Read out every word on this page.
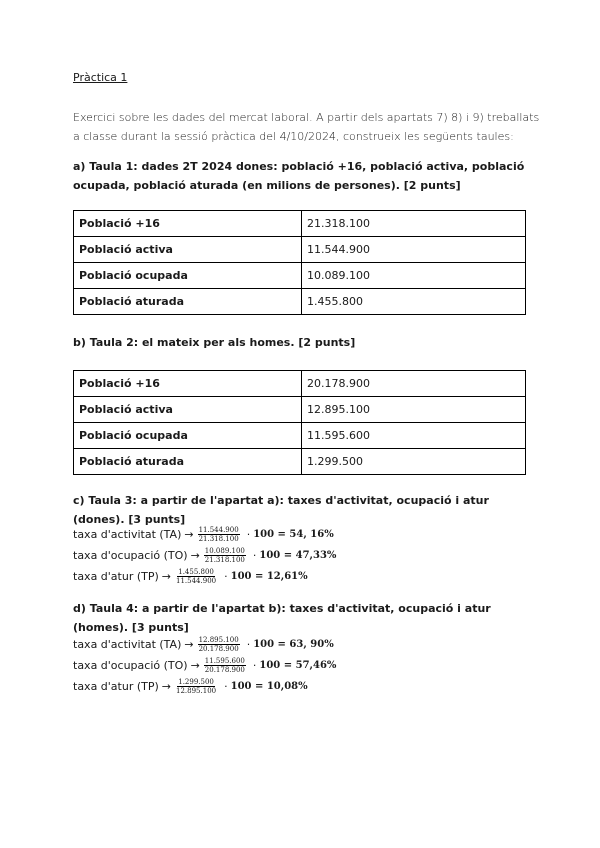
Pràctica 1
Exercici sobre les dades del mercat laboral. A partir dels apartats 7) 8) i 9) treballats a classe durant la sessió pràctica del 4/10/2024, construeix les següents taules:
a) Taula 1: dades 2T 2024 dones: població +16, població activa, població ocupada, població aturada (en milions de persones). [2 punts]
Població +16	21.318.100
Població activa	11.544.900
Població ocupada	10.089.100
Població aturada	1.455.800
b) Taula 2: el mateix per als homes. [2 punts]
Població +16	20.178.900
Població activa	12.895.100
Població ocupada	11.595.600
Població aturada	1.299.500
c) Taula 3: a partir de l'apartat a): taxes d'activitat, ocupació i atur (dones). [3 punts]
taxa d'activitat $(TA) \to \frac{11.544.900}{21.318.100} \cdot 100 = 54$, 16%
taxa d'ocupació $(TO) \to \frac{10.089.100}{21.318.100} \cdot 100 = 47,33\%$
taxa d'atur $(TP) \to \frac{1.455.800}{11.544.900} \cdot 100 = 12,61\%$
d) Taula 4: a partir de l'apartat b): taxes d'activitat, ocupació i atur (homes). [3 punts]
taxa d'activitat $(TA) \to \frac{12.895.100}{20.178.900} \cdot 100 = 63$, 90%
taxa d'ocupació $(TO) \to \frac{11.595.600}{20.178.900} \cdot 100 = 57,46\%$
taxa d'atur $(TP) \to \frac{1.299.500}{12.895.100} \cdot 100 = 10,08\%$
